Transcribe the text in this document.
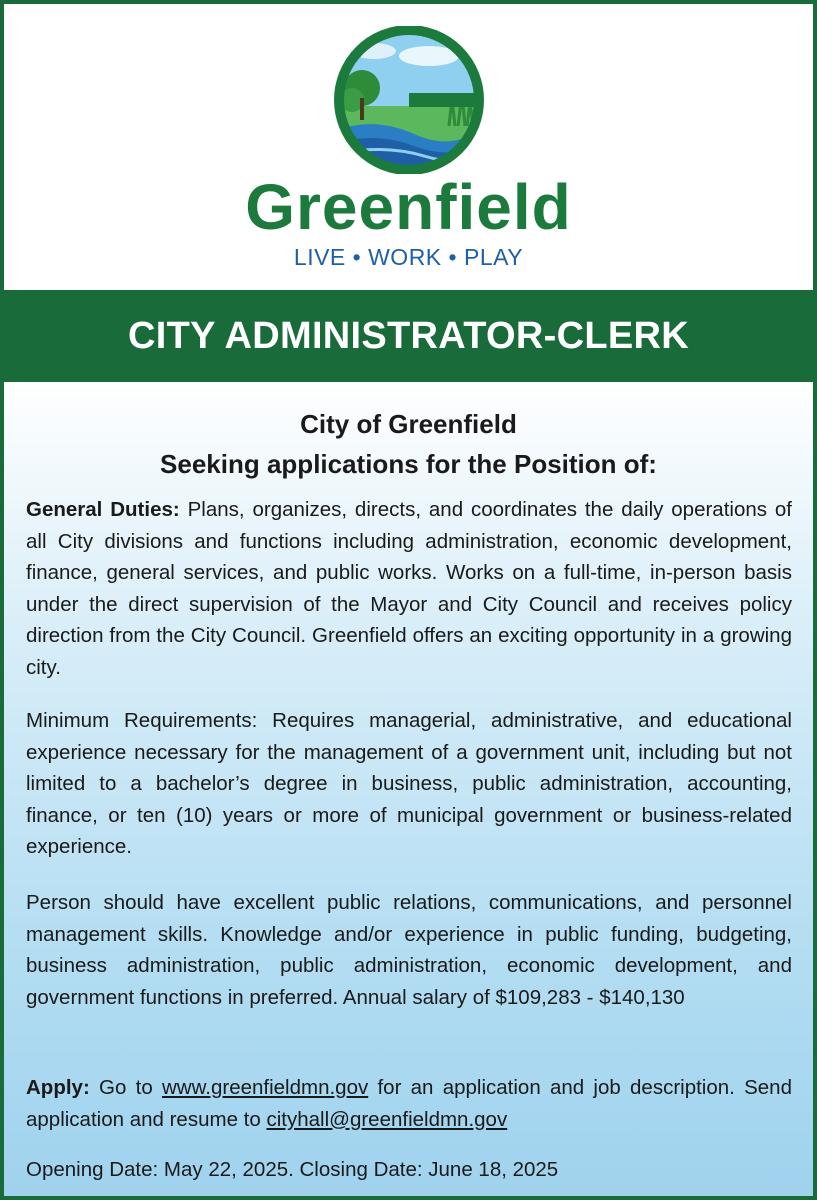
Greenfield
LIVE • WORK • PLAY
CITY ADMINISTRATOR-CLERK
City of Greenfield
Seeking applications for the Position of:
General Duties: Plans, organizes, directs, and coordinates the daily operations of all City divisions and functions including administration, economic development, finance, general services, and public works. Works on a full-time, in-person basis under the direct supervision of the Mayor and City Council and receives policy direction from the City Council. Greenfield offers an exciting opportunity in a growing city.
Minimum Requirements: Requires managerial, administrative, and educational experience necessary for the management of a government unit, including but not limited to a bachelor’s degree in business, public administration, accounting, finance, or ten (10) years or more of municipal government or business-related experience.
Person should have excellent public relations, communications, and personnel management skills. Knowledge and/or experience in public funding, budgeting, business administration, public administration, economic development, and government functions in preferred. Annual salary of $109,283 - $140,130
Apply: Go to www.greenfieldmn.gov for an application and job description. Send application and resume to cityhall@greenfieldmn.gov
Opening Date: May 22, 2025. Closing Date: June 18, 2025
